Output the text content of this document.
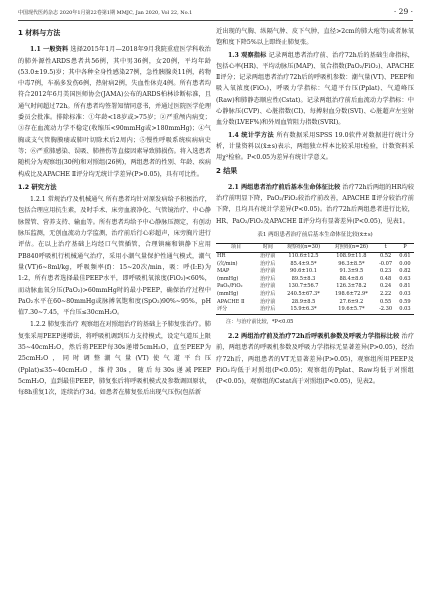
中国现代医药杂志 2020年1月第22卷第1期 MMJC, Jan 2020, Vol 22, No.1	· 29 ·
1 材料与方法

1.1 一般资料 选择2015年1月—2018年9月我院重症医学科收治的肺外源性ARDS患者共56例，其中男36例，女20例，平均年龄(53.0±19.5)岁；其中各种全身性感染27例，急性胰腺炎11例，药物中毒7例，车祸多发伤6例，热射病2例，失血性休克4例。所有患者均符合2012年6月美国医师协会(JAMA)公布的ARDS柏林诊断标准，且通气时间超过72h。所有患者均签署知情同意书，并通过医院医学伦理委员会批准。排除标准：①年龄<18岁或>75岁；②严重颅内病变；③存在血流动力学不稳定(收缩压<90mmHg或>180mmHg)；④气胸或支气管胸膜瘘或肺叶切除术后2周内；⑤慢性呼吸系统疾病病史等；⑥严重肺感染、误吸、肺挫伤等直接因素导致肺损伤。将入选患者随机分为观察组(30例)和对照组(26例)，两组患者的性别、年龄、疾病构成比及APACHE Ⅱ评分均无统计学差异(P>0.05)，具有可比性。

1.2 研究方法

1.2.1 常规治疗及机械通气 所有患者均针对原发病给予积极治疗，包括合理应用抗生素，及时手术、床旁血液净化、气管镜治疗、中心静脉置管、营养支持、输血等。所有患者均给予中心静脉压测定，有创动脉压监测，无创血流动力学监测，治疗前后行心彩超声，床旁胸片进行评估。在以上治疗基础上均经口气管插管，合理镇痛和镇静下应用PB840呼吸机行机械通气治疗，采用小潮气量保护性通气模式，潮气量(VT)6~8ml/kg，呼吸频率(f)：15~20次/min，吸：呼(I:E)为1:2，所有患者选择最佳PEEP水平，即呼吸机氧浓度(FiO₂)<60%，而动脉血氧分压(PaO₂)>60mmHg时的最小PEEP，确保治疗过程中PaO₂水平在60~80mmHg或脉搏氧饱和度(SpO₂)90%~95%，pH值7.30~7.45，平台压≤30cmH₂O。

1.2.2 肺复张治疗 观察组在对照组治疗的基础上予肺复张治疗。肺复张采用PEEP递增法，将呼吸机调到压力支持模式，设定气道压上限35~40cmH₂O，然后将PEEP每30s递增5cmH₂O，直至PEEP为25cmH₂O，同时调整潮气量(VT)使气道平台压(Pplat)≤35~40cmH₂O，维持30s，随后每30s递减PEEP 5cmH₂O，直到最佳PEEP，肺复张后将呼吸机模式及参数调回原状，每8h重复1次，连续治疗3d。如患者在肺复张后出现气压伤(包括新

近出现的气胸、纵隔气肿、皮下气肿，直径>2cm的肺大疱等)或者脉氧饱和度下降5%以上即终止肺复张。

1.3 观察指标 记录两组患者治疗前、治疗72h后的基础生命指标，包括心率(HR)、平均动脉压(MAP)、氧合指数(PaO₂/FiO₂)、APACHE Ⅱ评分；记录两组患者治疗72h后的呼吸机参数：潮气量(VT)、PEEP和吸入氧浓度(FiO₂)，呼吸力学指标：气道平台压(Pplat)、气道峰压(Raw)和肺静态顺应性(Cstat)。记录两组治疗前后血流动力学指标：中心静脉压(CVP)、心脏指数(CI)、每搏射血分数(SVI)、心脏超声左室射血分数(LVEF%)和外周血管阻力指数(SVRI)。

1.4 统计学方法 所有数据采用SPSS 19.0软件对数据进行统计分析，计量资料以(x̄±s)表示，两组独立样本比较采用t检验，计数资料采用χ²检验。P<0.05为差异有统计学意义。

2 结果

2.1 两组患者治疗前后基本生命体征比较 治疗72h后两组的HR均较治疗前明显下降，PaO₂/FiO₂较治疗前改善，APACHE Ⅱ评分较治疗前下降，且均具有统计学差异(P<0.05)。治疗72h后两组患者进行比较，HR、PaO₂/FiO₂及APACHE Ⅱ评分均有显著差异(P<0.05)，见表1。

表1 两组患者治疗前后基本生命体征比较(x̄±s)
项目	时间	观察组(n=30)	对照组(n=26)	t	P
HR	治疗前	110.6±12.5	108.9±11.8	0.52	0.61
(次/min)	治疗后	85.4±9.5*	96.3±8.5*	-0.07	0.00
MAP	治疗前	90.6±10.1	91.3±9.5	0.23	0.82
(mmHg)	治疗后	89.5±8.3	88.4±8.6	0.48	0.63
PaO₂/FiO₂	治疗前	130.7±56.7	126.3±78.2	0.24	0.81
(mmHg)	治疗后	240.5±67.3*	198.6±72.9*	2.22	0.03
APACHE Ⅱ	治疗前	28.9±8.5	27.6±9.2	0.55	0.59
评分	治疗后	15.9±6.3*	19.6±5.7*	-2.30	0.03
注：与治疗前比较，*P<0.05

2.2 两组治疗前及治疗72h后呼吸机参数及呼吸力学指标比较 治疗前，两组患者的呼吸机参数及呼吸力学指标无显著差异(P>0.05)，经治疗72h后，两组患者的VT无显著差异(P>0.05)，观察组所用PEEP及FiO₂均低于对照组(P<0.05)；观察组的Pplat、Raw均低于对照组(P<0.05)，观察组的Cstat高于对照组(P<0.05)，见表2。
